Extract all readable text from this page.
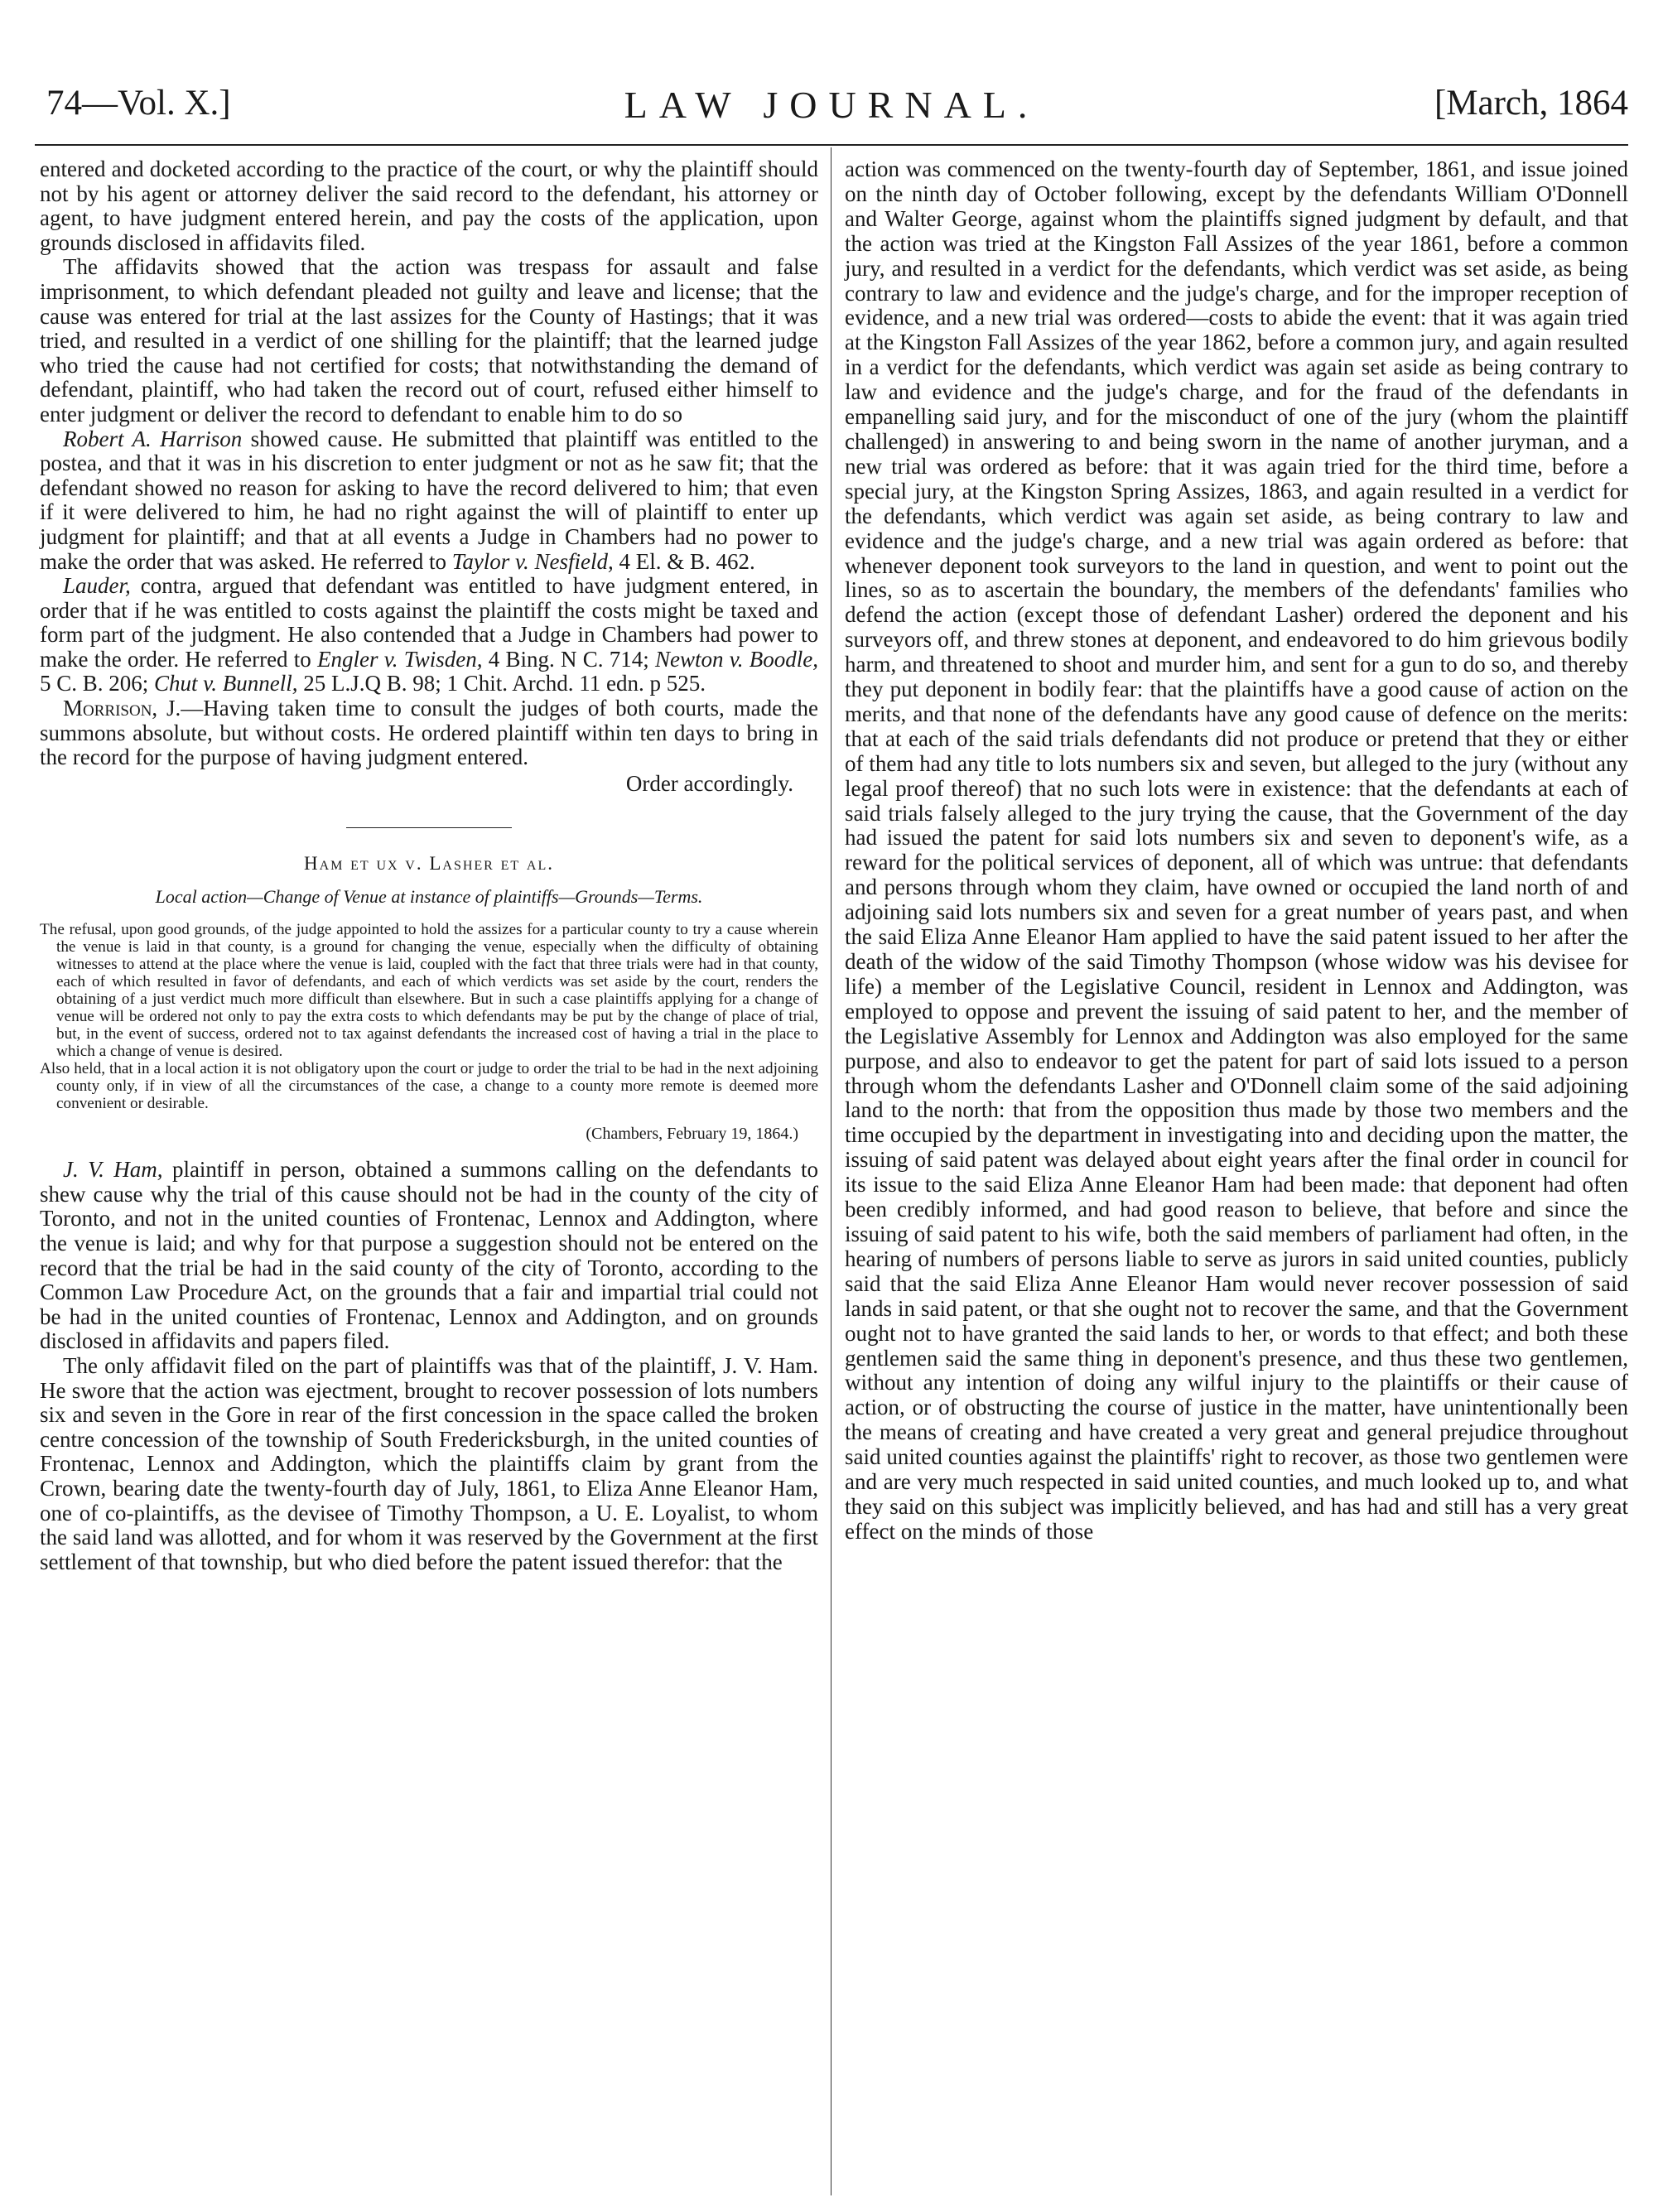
74—Vol. X.]	LAW JOURNAL.	[March, 1864

entered and docketed according to the practice of the court, or why the plaintiff should not by his agent or attorney deliver the said record to the defendant, his attorney or agent, to have judgment entered herein, and pay the costs of the application, upon grounds disclosed in affidavits filed.

The affidavits showed that the action was trespass for assault and false imprisonment, to which defendant pleaded not guilty and leave and license; that the cause was entered for trial at the last assizes for the County of Hastings; that it was tried, and resulted in a verdict of one shilling for the plaintiff; that the learned judge who tried the cause had not certified for costs; that notwithstanding the demand of defendant, plaintiff, who had taken the record out of court, refused either himself to enter judgment or deliver the record to defendant to enable him to do so

Robert A. Harrison showed cause. He submitted that plaintiff was entitled to the postea, and that it was in his discretion to enter judgment or not as he saw fit; that the defendant showed no reason for asking to have the record delivered to him; that even if it were delivered to him, he had no right against the will of plaintiff to enter up judgment for plaintiff; and that at all events a Judge in Chambers had no power to make the order that was asked. He referred to Taylor v. Nesfield, 4 El. & B. 462.

Lauder, contra, argued that defendant was entitled to have judgment entered, in order that if he was entitled to costs against the plaintiff the costs might be taxed and form part of the judgment. He also contended that a Judge in Chambers had power to make the order. He referred to Engler v. Twisden, 4 Bing. N C. 714; Newton v. Boodle, 5 C. B. 206; Chut v. Bunnell, 25 L.J.Q B. 98; 1 Chit. Archd. 11 edn. p 525.

Morrison, J.—Having taken time to consult the judges of both courts, made the summons absolute, but without costs. He ordered plaintiff within ten days to bring in the record for the purpose of having judgment entered.

Order accordingly.

Ham et ux v. Lasher et al.
Local action—Change of Venue at instance of plaintiffs—Grounds—Terms.

The refusal, upon good grounds, of the judge appointed to hold the assizes for a particular county to try a cause wherein the venue is laid in that county, is a ground for changing the venue, especially when the difficulty of obtaining witnesses to attend at the place where the venue is laid, coupled with the fact that three trials were had in that county, each of which resulted in favor of defendants, and each of which verdicts was set aside by the court, renders the obtaining of a just verdict much more difficult than elsewhere. But in such a case plaintiffs applying for a change of venue will be ordered not only to pay the extra costs to which defendants may be put by the change of place of trial, but, in the event of success, ordered not to tax against defendants the increased cost of having a trial in the place to which a change of venue is desired.

Also held, that in a local action it is not obligatory upon the court or judge to order the trial to be had in the next adjoining county only, if in view of all the circumstances of the case, a change to a county more remote is deemed more convenient or desirable.

(Chambers, February 19, 1864.)

J. V. Ham, plaintiff in person, obtained a summons calling on the defendants to shew cause why the trial of this cause should not be had in the county of the city of Toronto, and not in the united counties of Frontenac, Lennox and Addington, where the venue is laid; and why for that purpose a suggestion should not be entered on the record that the trial be had in the said county of the city of Toronto, according to the Common Law Procedure Act, on the grounds that a fair and impartial trial could not be had in the united counties of Frontenac, Lennox and Addington, and on grounds disclosed in affidavits and papers filed.

The only affidavit filed on the part of plaintiffs was that of the plaintiff, J. V. Ham. He swore that the action was ejectment, brought to recover possession of lots numbers six and seven in the Gore in rear of the first concession in the space called the broken centre concession of the township of South Fredericksburgh, in the united counties of Frontenac, Lennox and Addington, which the plaintiffs claim by grant from the Crown, bearing date the twenty-fourth day of July, 1861, to Eliza Anne Eleanor Ham, one of co-plaintiffs, as the devisee of Timothy Thompson, a U. E. Loyalist, to whom the said land was allotted, and for whom it was reserved by the Government at the first settlement of that township, but who died before the patent issued therefor: that the

action was commenced on the twenty-fourth day of September, 1861, and issue joined on the ninth day of October following, except by the defendants William O'Donnell and Walter George, against whom the plaintiffs signed judgment by default, and that the action was tried at the Kingston Fall Assizes of the year 1861, before a common jury, and resulted in a verdict for the defendants, which verdict was set aside, as being contrary to law and evidence and the judge's charge, and for the improper reception of evidence, and a new trial was ordered—costs to abide the event: that it was again tried at the Kingston Fall Assizes of the year 1862, before a common jury, and again resulted in a verdict for the defendants, which verdict was again set aside as being contrary to law and evidence and the judge's charge, and for the fraud of the defendants in empanelling said jury, and for the misconduct of one of the jury (whom the plaintiff challenged) in answering to and being sworn in the name of another juryman, and a new trial was ordered as before: that it was again tried for the third time, before a special jury, at the Kingston Spring Assizes, 1863, and again resulted in a verdict for the defendants, which verdict was again set aside, as being contrary to law and evidence and the judge's charge, and a new trial was again ordered as before: that whenever deponent took surveyors to the land in question, and went to point out the lines, so as to ascertain the boundary, the members of the defendants' families who defend the action (except those of defendant Lasher) ordered the deponent and his surveyors off, and threw stones at deponent, and endeavored to do him grievous bodily harm, and threatened to shoot and murder him, and sent for a gun to do so, and thereby they put deponent in bodily fear: that the plaintiffs have a good cause of action on the merits, and that none of the defendants have any good cause of defence on the merits: that at each of the said trials defendants did not produce or pretend that they or either of them had any title to lots numbers six and seven, but alleged to the jury (without any legal proof thereof) that no such lots were in existence: that the defendants at each of said trials falsely alleged to the jury trying the cause, that the Government of the day had issued the patent for said lots numbers six and seven to deponent's wife, as a reward for the political services of deponent, all of which was untrue: that defendants and persons through whom they claim, have owned or occupied the land north of and adjoining said lots numbers six and seven for a great number of years past, and when the said Eliza Anne Eleanor Ham applied to have the said patent issued to her after the death of the widow of the said Timothy Thompson (whose widow was his devisee for life) a member of the Legislative Council, resident in Lennox and Addington, was employed to oppose and prevent the issuing of said patent to her, and the member of the Legislative Assembly for Lennox and Addington was also employed for the same purpose, and also to endeavor to get the patent for part of said lots issued to a person through whom the defendants Lasher and O'Donnell claim some of the said adjoining land to the north: that from the opposition thus made by those two members and the time occupied by the department in investigating into and deciding upon the matter, the issuing of said patent was delayed about eight years after the final order in council for its issue to the said Eliza Anne Eleanor Ham had been made: that deponent had often been credibly informed, and had good reason to believe, that before and since the issuing of said patent to his wife, both the said members of parliament had often, in the hearing of numbers of persons liable to serve as jurors in said united counties, publicly said that the said Eliza Anne Eleanor Ham would never recover possession of said lands in said patent, or that she ought not to recover the same, and that the Government ought not to have granted the said lands to her, or words to that effect; and both these gentlemen said the same thing in deponent's presence, and thus these two gentlemen, without any intention of doing any wilful injury to the plaintiffs or their cause of action, or of obstructing the course of justice in the matter, have unintentionally been the means of creating and have created a very great and general prejudice throughout said united counties against the plaintiffs' right to recover, as those two gentlemen were and are very much respected in said united counties, and much looked up to, and what they said on this subject was implicitly believed, and has had and still has a very great effect on the minds of those
